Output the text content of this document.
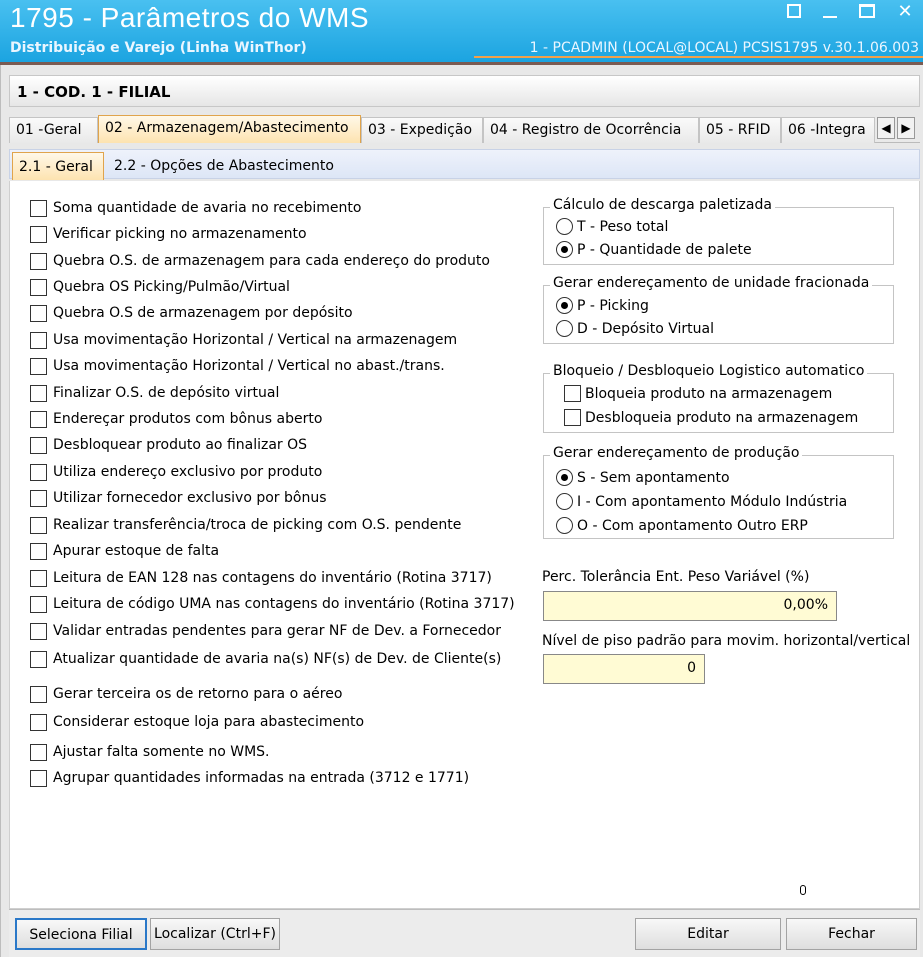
1795 - Parâmetros do WMS
Distribuição e Varejo (Linha WinThor)	1 - PCADMIN (LOCAL@LOCAL) PCSIS1795 v.30.1.06.003
✕
1 - COD. 1 - FILIAL
01 -Geral	02 - Armazenagem/Abastecimento	03 - Expedição	04 - Registro de Ocorrência	05 - RFID	06 -Integra	◀ ▶
2.1 - Geral	2.2 - Opções de Abastecimento
Soma quantidade de avaria no recebimento
Verificar picking no armazenamento
Quebra O.S. de armazenagem para cada endereço do produto
Quebra OS Picking/Pulmão/Virtual
Quebra O.S de armazenagem por depósito
Usa movimentação Horizontal / Vertical na armazenagem
Usa movimentação Horizontal / Vertical no abast./trans.
Finalizar O.S. de depósito virtual
Endereçar produtos com bônus aberto
Desbloquear produto ao finalizar OS
Utiliza endereço exclusivo por produto
Utilizar fornecedor exclusivo por bônus
Realizar transferência/troca de picking com O.S. pendente
Apurar estoque de falta
Leitura de EAN 128 nas contagens do inventário (Rotina 3717)
Leitura de código UMA nas contagens do inventário (Rotina 3717)
Validar entradas pendentes para gerar NF de Dev. a Fornecedor
Atualizar quantidade de avaria na(s) NF(s) de Dev. de Cliente(s)
Gerar terceira os de retorno para o aéreo
Considerar estoque loja para abastecimento
Ajustar falta somente no WMS.
Agrupar quantidades informadas na entrada (3712 e 1771)
Cálculo de descarga paletizada
T - Peso total
P - Quantidade de palete
Gerar endereçamento de unidade fracionada
P - Picking
D - Depósito Virtual
Bloqueio / Desbloqueio Logistico automatico
Bloqueia produto na armazenagem
Desbloqueia produto na armazenagem
Gerar endereçamento de produção
S - Sem apontamento
I - Com apontamento Módulo Indústria
O - Com apontamento Outro ERP
Perc. Tolerância Ent. Peso Variável (%)
0,00%
Nível de piso padrão para movim. horizontal/vertical
0
Seleciona Filial	Localizar (Ctrl+F)	Editar	Fechar
